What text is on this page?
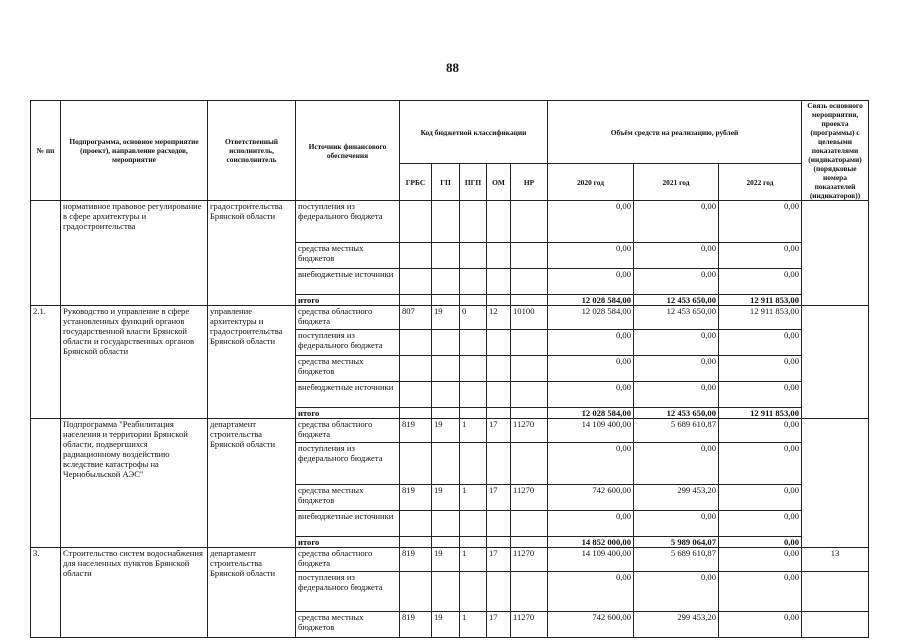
88
№ пп	Подпрограмма, основное мероприятие (проект), направление расходов, мероприятие	Ответственный исполнитель, соисполнитель	Источник финансового обеспечения	Код бюджетной классификации					Объём средств на реализацию, рублей			Связь основного мероприятия, проекта (программы) с целевыми показателями (индикаторами) (порядковые номера показателей (индикаторов))
				ГРБС	ГП	ПГП	ОМ	НР	2020 год	2021 год	2022 год	
	нормативное правовое регулирование в сфере архитектуры и градостроительства	градостроительства Брянской области	поступления из федерального бюджета						0,00	0,00	0,00	
			средства местных бюджетов						0,00	0,00	0,00	
			внебюджетные источники						0,00	0,00	0,00	
			итого						12 028 584,00	12 453 650,00	12 911 853,00	
2.1.	Руководство и управление в сфере установленных функций органов государственной власти Брянской области и государственных органов Брянской области	управление архитектуры и градостроительства Брянской области	средства областного бюджета	807	19	0	12	10100	12 028 584,00	12 453 650,00	12 911 853,00	
			поступления из федерального бюджета						0,00	0,00	0,00	
			средства местных бюджетов						0,00	0,00	0,00	
			внебюджетные источники						0,00	0,00	0,00	
			итого						12 028 584,00	12 453 650,00	12 911 853,00	
	Подпрограмма "Реабилитация населения и территории Брянской области, подвергшихся радиационному воздействию вследствие катастрофы на Чернобыльской АЭС"	департамент строительства Брянской области	средства областного бюджета	819	19	1	17	11270	14 109 400,00	5 689 610,87	0,00	
			поступления из федерального бюджета						0,00	0,00	0,00	
			средства местных бюджетов	819	19	1	17	11270	742 600,00	299 453,20	0,00	
			внебюджетные источники						0,00	0,00	0,00	
			итого						14 852 000,00	5 989 064,07	0,00	
3.	Строительство систем водоснабжения для населенных пунктов Брянской области	департамент строительства Брянской области	средства областного бюджета	819	19	1	17	11270	14 109 400,00	5 689 610,87	0,00	13
			поступления из федерального бюджета						0,00	0,00	0,00	
			средства местных бюджетов	819	19	1	17	11270	742 600,00	299 453,20	0,00	
